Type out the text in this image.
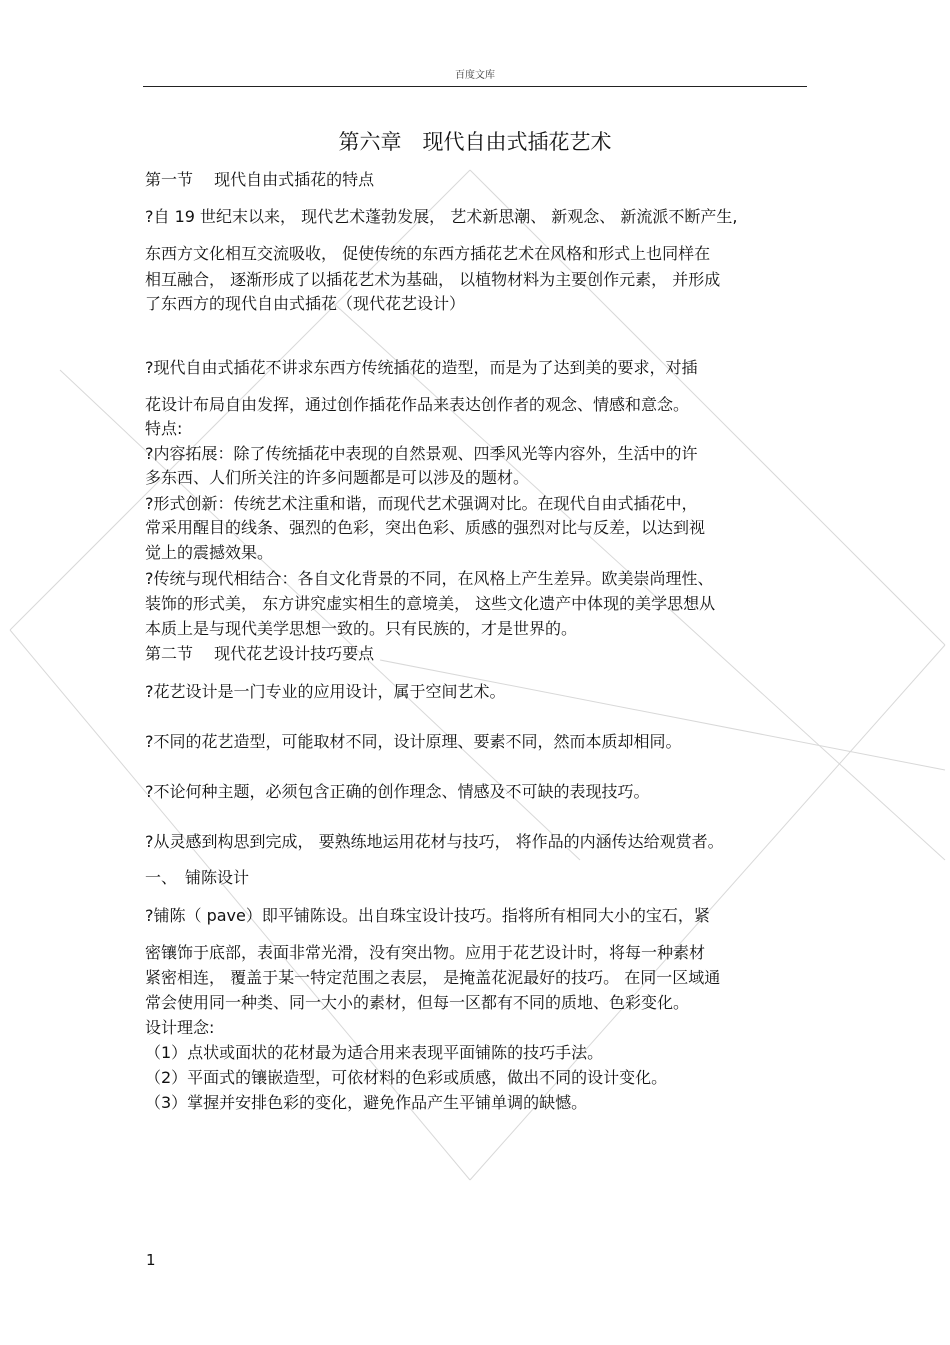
百度文库
第六章　现代自由式插花艺术
第一节　 现代自由式插花的特点
?自 19 世纪末以来， 现代艺术蓬勃发展， 艺术新思潮、 新观念、 新流派不断产生,
东西方文化相互交流吸收， 促使传统的东西方插花艺术在风格和形式上也同样在
相互融合， 逐渐形成了以插花艺术为基础， 以植物材料为主要创作元素， 并形成
了东西方的现代自由式插花（现代花艺设计）
?现代自由式插花不讲求东西方传统插花的造型，而是为了达到美的要求，对插
花设计布局自由发挥，通过创作插花作品来表达创作者的观念、情感和意念。
特点:
?内容拓展：除了传统插花中表现的自然景观、四季风光等内容外，生活中的许
多东西、人们所关注的许多问题都是可以涉及的题材。
?形式创新：传统艺术注重和谐，而现代艺术强调对比。在现代自由式插花中，
常采用醒目的线条、强烈的色彩，突出色彩、质感的强烈对比与反差，以达到视
觉上的震撼效果。
?传统与现代相结合：各自文化背景的不同，在风格上产生差异。欧美崇尚理性、
装饰的形式美， 东方讲究虚实相生的意境美， 这些文化遗产中体现的美学思想从
本质上是与现代美学思想一致的。只有民族的，才是世界的。
第二节　 现代花艺设计技巧要点
?花艺设计是一门专业的应用设计，属于空间艺术。
?不同的花艺造型，可能取材不同，设计原理、要素不同，然而本质却相同。
?不论何种主题，必须包含正确的创作理念、情感及不可缺的表现技巧。
?从灵感到构思到完成， 要熟练地运用花材与技巧， 将作品的内涵传达给观赏者。
一、　铺陈设计
?铺陈（ pave）即平铺陈设。出自珠宝设计技巧。指将所有相同大小的宝石，紧
密镶饰于底部，表面非常光滑，没有突出物。应用于花艺设计时，将每一种素材
紧密相连， 覆盖于某一特定范围之表层， 是掩盖花泥最好的技巧。 在同一区域通
常会使用同一种类、同一大小的素材，但每一区都有不同的质地、色彩变化。
设计理念:
（1）点状或面状的花材最为适合用来表现平面铺陈的技巧手法。
（2）平面式的镶嵌造型，可依材料的色彩或质感，做出不同的设计变化。
（3）掌握并安排色彩的变化，避免作品产生平铺单调的缺憾。
1
